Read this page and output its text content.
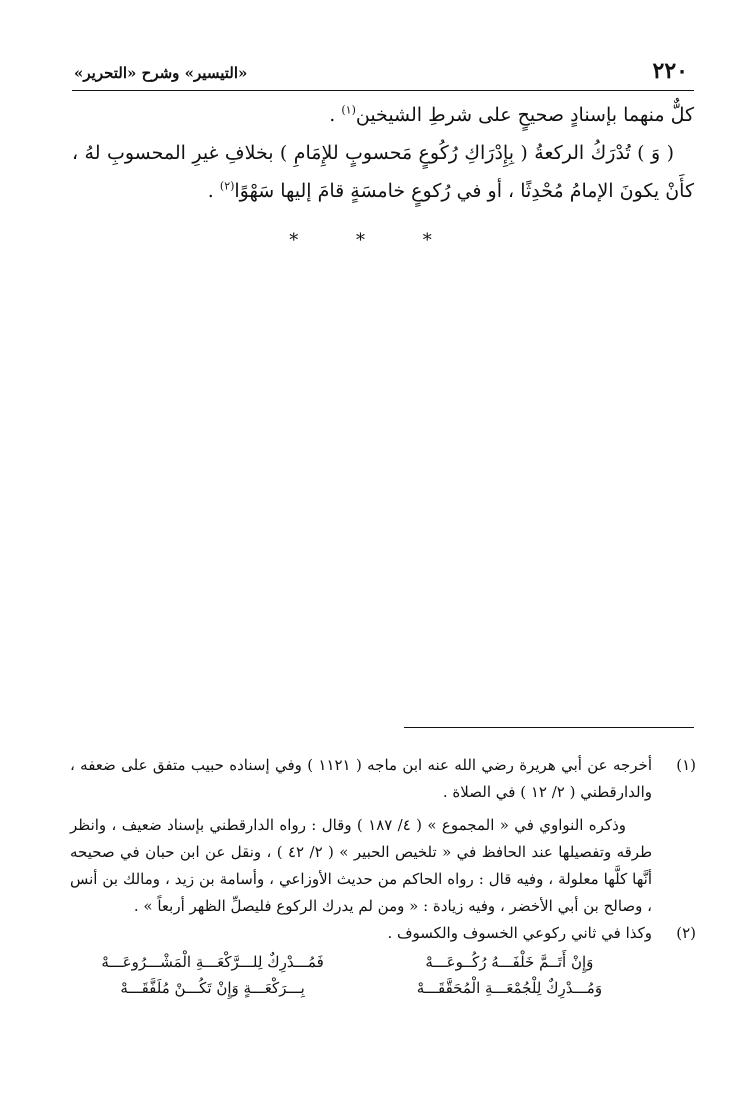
٢٢٠
«التيسير» وشرح «التحرير»

كلٌّ منهما بإسنادٍ صحيحٍ على شرطِ الشيخين$^{(١)}$ .

( وَ ) تُدْرَكُ الركعةُ ( بِإِدْرَاكِ رُكُوعٍ مَحسوبٍ للإِمَامِ ) بخلافِ غيرِ المحسوبِ لهُ ، كأَنْ يكونَ الإمامُ مُحْدِثًا ، أو في رُكوعٍ خامسَةٍ قامَ إليها سَهْوًا$^{(٢)}$ .

* * *
(١)

أخرجه عن أبي هريرة رضي الله عنه ابن ماجه ( ١١٢١ ) وفي إسناده حبيب متفق على ضعفه ، والدارقطني ( ٢/ ١٢ ) في الصلاة .

وذكره النواوي في « المجموع » ( ٤/ ١٨٧ ) وقال : رواه الدارقطني بإسناد ضعيف ، وانظر طرقه وتفصيلها عند الحافظ في « تلخيص الحبير » ( ٢/ ٤٢ ) ، ونقل عن ابن حبان في صحيحه أنَّها كلَّها معلولة ، وفيه قال : رواه الحاكم من حديث الأوزاعي ، وأسامة بن زيد ، ومالك بن أنس ، وصالح بن أبي الأخضر ، وفيه زيادة : « ومن لم يدرك الركوع فليصلِّ الظهر أربعاً » .

(٢)

وكذا في ثاني ركوعي الخسوف والكسوف .

وَإِنْ أَتَــمَّ خَلْفَـــهُ رُكُــوعَـــهْ
فَمُـــدْرِكٌ لِلـــرَّكْعَـــةِ الْمَشْـــرُوعَـــهْ
وَمُـــدْرِكٌ لِلْجُمْعَـــةِ الْمُحَقَّقَـــهْ
بِـــرَكْعَـــةٍ وَإِنْ تَكُـــنْ مُلَفَّقَـــهْ
